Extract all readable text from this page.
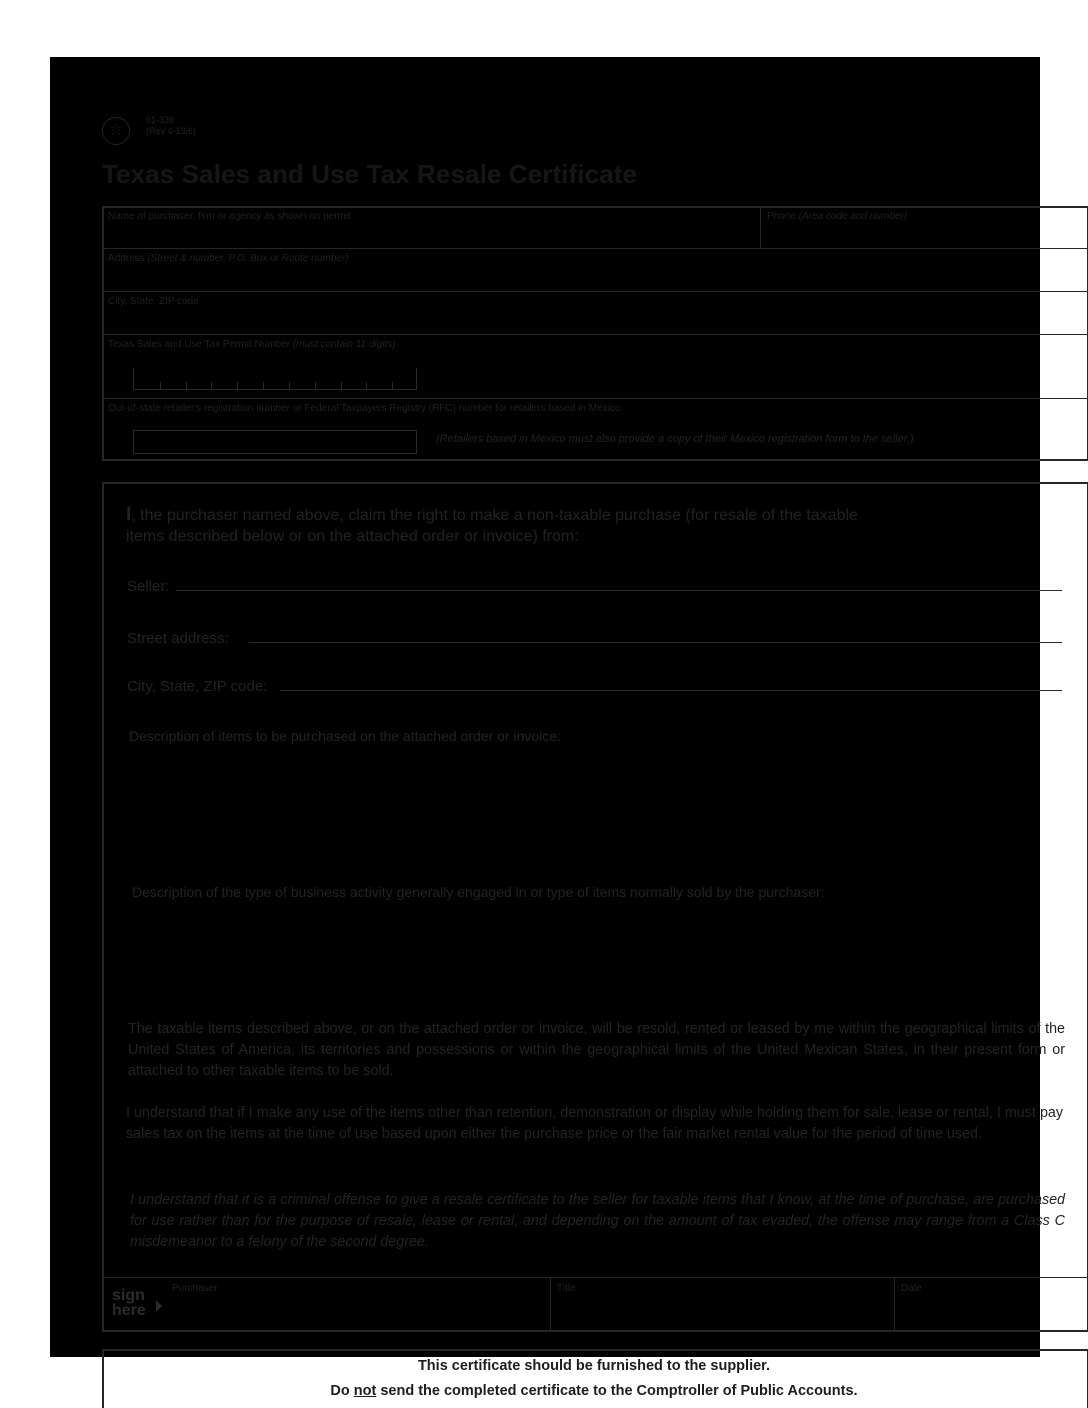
☆	01-339
(Rev 4-13/6)
Texas Sales and Use Tax Resale Certificate
Name of purchaser, firm or agency as shown on permit	Phone (Area code and number)
Address (Street & number, P.O. Box or Route number)
City, State, ZIP code
Texas Sales and Use Tax Permit Number (must contain 11 digits)
Out-of-state retailer's registration number or Federal Taxpayers Registry (RFC) number for retailers based in Mexico
(Retailers based in Mexico must also provide a copy of their Mexico registration form to the seller.)
I, the purchaser named above, claim the right to make a non-taxable purchase (for resale of the taxable
items described below or on the attached order or invoice) from:
Seller:
Street address:
City, State, ZIP code:
Description of items to be purchased on the attached order or invoice:
Description of the type of business activity generally engaged in or type of items normally sold by the purchaser:

The taxable items described above, or on the attached order or invoice, will be resold, rented or leased by me within the geographical limits of the United States of America, its territories and possessions or within the geographical limits of the United Mexican States, in their present form or attached to other taxable items to be sold.

I understand that if I make any use of the items other than retention, demonstration or display while holding them for sale, lease or rental, I must pay sales tax on the items at the time of use based upon either the purchase price or the fair market rental value for the period of time used.

I understand that it is a criminal offense to give a resale certificate to the seller for taxable items that I know, at the time of purchase, are purchased for use rather than for the purpose of resale, lease or rental, and depending on the amount of tax evaded, the offense may range from a Class C misdemeanor to a felony of the second degree.

sign
here
Purchaser	Title	Date
This certificate should be furnished to the supplier.
Do not send the completed certificate to the Comptroller of Public Accounts.
